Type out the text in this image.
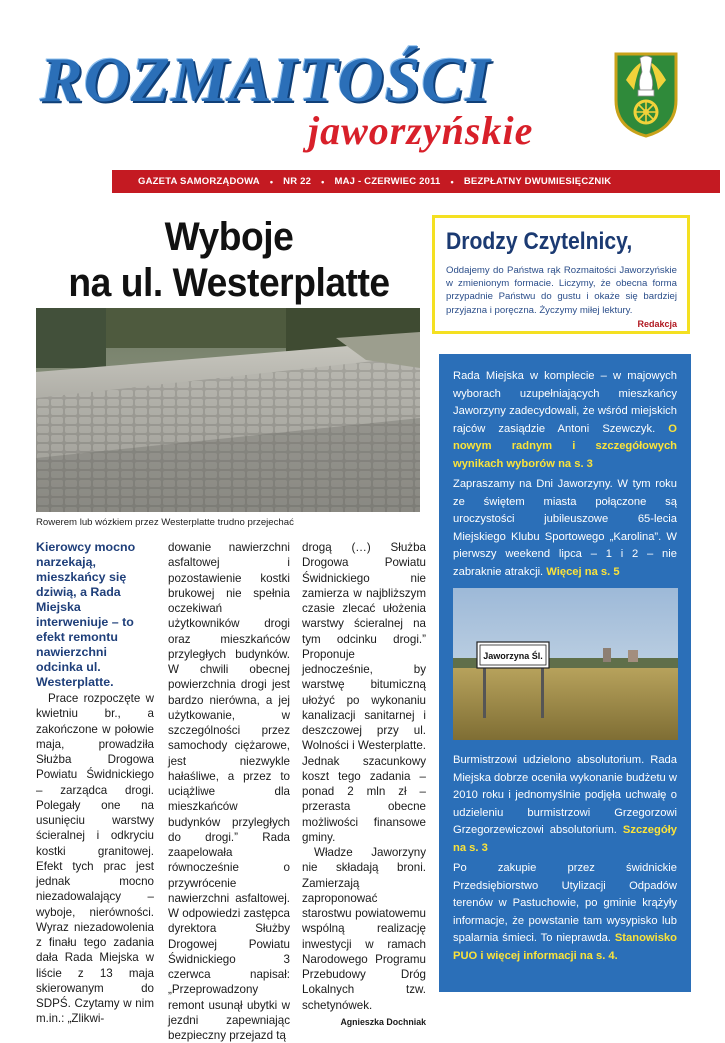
ROZMAITOŚCI
jaworzyńskie
GAZETA SAMORZĄDOWA • NR 22 • MAJ - CZERWIEC 2011 • BEZPŁATNY DWUMIESIĘCZNIK
Wyboje
na ul. Westerplatte
Rowerem lub wózkiem przez Westerplatte trudno przejechać
Kierowcy mocno narzekają, mieszkańcy się dziwią, a Rada Miejska interweniuje – to efekt remontu nawierzchni odcinka ul. Westerplatte.
Prace rozpoczęte w kwietniu br., a zakończone w połowie maja, prowadziła Służba Drogowa Powiatu Świdnickiego – zarządca drogi. Polegały one na usunięciu warstwy ścieralnej i odkryciu kostki granitowej. Efekt tych prac jest jednak mocno niezadowalający – wyboje, nierówności. Wyraz niezadowolenia z finału tego zadania dała Rada Miejska w liście z 13 maja skierowanym do SDPŚ. Czytamy w nim m.in.: „Zlikwi-
dowanie nawierzchni asfaltowej i pozostawienie kostki brukowej nie spełnia oczekiwań użytkowników drogi oraz mieszkańców przyległych budynków. W chwili obecnej powierzchnia drogi jest bardzo nierówna, a jej użytkowanie, w szczególności przez samochody ciężarowe, jest niezwykle hałaśliwe, a przez to uciążliwe dla mieszkańców budynków przyległych do drogi.” Rada zaapelowała równocześnie o przywrócenie nawierzchni asfaltowej. W odpowiedzi zastępca dyrektora Służby Drogowej Powiatu Świdnickiego 3 czerwca napisał: „Przeprowadzony remont usunął ubytki w jezdni zapewniając bezpieczny przejazd tą
drogą (…) Służba Drogowa Powiatu Świdnickiego nie zamierza w najbliższym czasie zlecać ułożenia warstwy ścieralnej na tym odcinku drogi.” Proponuje jednocześnie, by warstwę bitumiczną ułożyć po wykonaniu kanalizacji sanitarnej i deszczowej przy ul. Wolności i Westerplatte. Jednak szacunkowy koszt tego zadania – ponad 2 mln zł – przerasta obecne możliwości finansowe gminy.
Władze Jaworzyny nie składają broni. Zamierzają zaproponować starostwu powiatowemu wspólną realizację inwestycji w ramach Narodowego Programu Przebudowy Dróg Lokalnych tzw. schetynówek.
Agnieszka Dochniak
Drodzy Czytelnicy,

Oddajemy do Państwa rąk Rozmaitości Jaworzyńskie w zmienionym formacie. Liczymy, że obecna forma przypadnie Państwu do gustu i okaże się bardziej przyjazna i poręczna. Życzymy miłej lektury.

Redakcja
Rada Miejska w komplecie – w majowych wyborach uzupełniających mieszkańcy Jaworzyny zadecydowali, że wśród miejskich rajców zasiądzie Antoni Szewczyk. O nowym radnym i szczegółowych wynikach wyborów na s. 3
Zapraszamy na Dni Jaworzyny. W tym roku ze świętem miasta połączone są uroczystości jubileuszowe 65-lecia Miejskiego Klubu Sportowego „Karolina”. W pierwszy weekend lipca – 1 i 2 – nie zabraknie atrakcji. Więcej na s. 5
Jaworzyna Śl.
Burmistrzowi udzielono absolutorium. Rada Miejska dobrze oceniła wykonanie budżetu w 2010 roku i jednomyślnie podjęła uchwałę o udzieleniu burmistrzowi Grzegorzowi Grzegorzewiczowi absolutorium. Szczegóły na s. 3
Po zakupie przez świdnickie Przedsiębiorstwo Utylizacji Odpadów terenów w Pastuchowie, po gminie krążyły informacje, że powstanie tam wysypisko lub spalarnia śmieci. To nieprawda. Stanowisko PUO i więcej informacji na s. 4.
